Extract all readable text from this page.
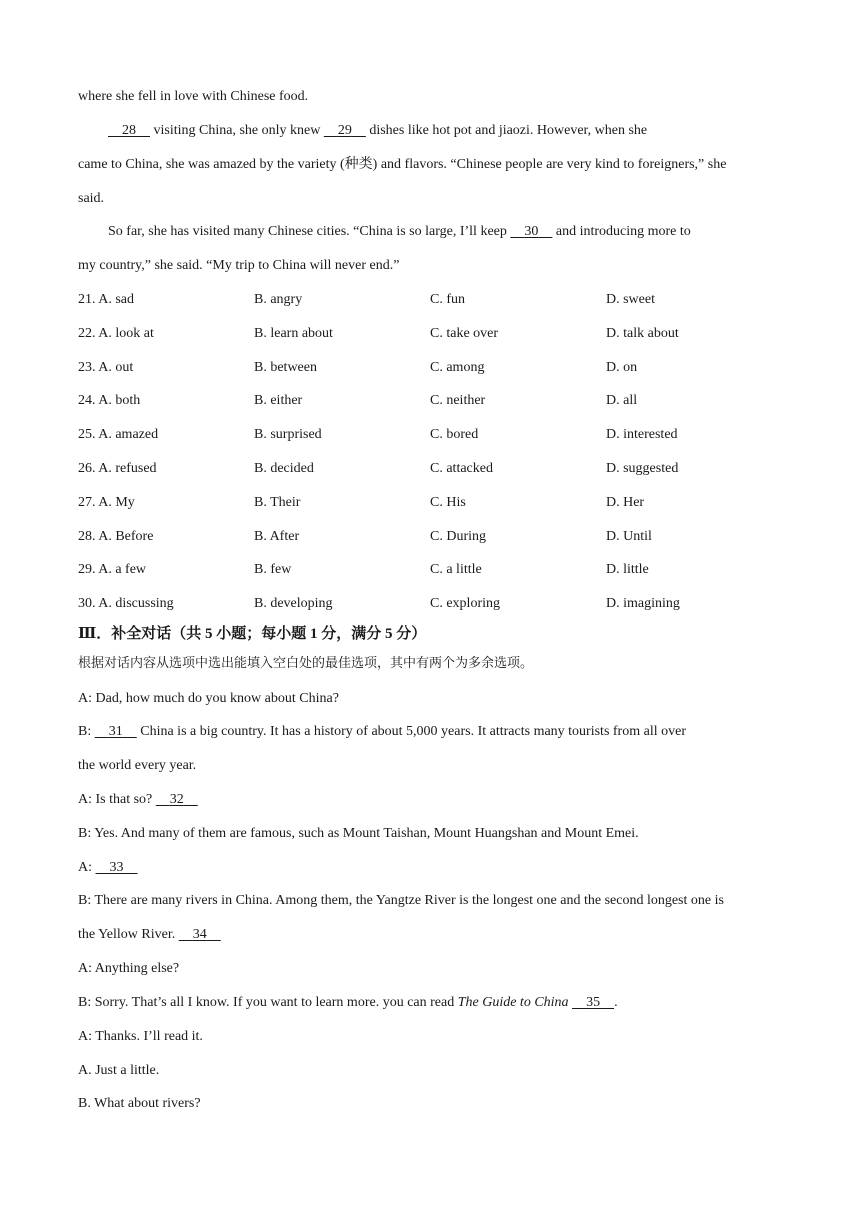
where she fell in love with Chinese food.
28     visiting China, she only knew     29     dishes like hot pot and jiaozi. However, when she
came to China, she was amazed by the variety (种类) and flavors. “Chinese people are very kind to foreigners,” she
said.
So far, she has visited many Chinese cities. “China is so large, I’ll keep     30     and introducing more to
my country,” she said. “My trip to China will never end.”
21. A. sad	B. angry	C. fun	D. sweet
22. A. look at	B. learn about	C. take over	D. talk about
23. A. out	B. between	C. among	D. on
24. A. both	B. either	C. neither	D. all
25. A. amazed	B. surprised	C. bored	D. interested
26. A. refused	B. decided	C. attacked	D. suggested
27. A. My	B. Their	C. His	D. Her
28. A. Before	B. After	C. During	D. Until
29. A. a few	B. few	C. a little	D. little
30. A. discussing	B. developing	C. exploring	D. imagining
Ⅲ．补全对话（共 5 小题；每小题 1 分，满分 5 分）
根据对话内容从选项中选出能填入空白处的最佳选项，其中有两个为多余选项。
A: Dad, how much do you know about China?
B:     31     China is a big country. It has a history of about 5,000 years. It attracts many tourists from all over
the world every year.
A: Is that so?     32
B: Yes. And many of them are famous, such as Mount Taishan, Mount Huangshan and Mount Emei.
A:     33
B: There are many rivers in China. Among them, the Yangtze River is the longest one and the second longest one is
the Yellow River.     34
A: Anything else?
B: Sorry. That’s all I know. If you want to learn more. you can read The Guide to China 35 .
A: Thanks. I’ll read it.
A. Just a little.
B. What about rivers?
